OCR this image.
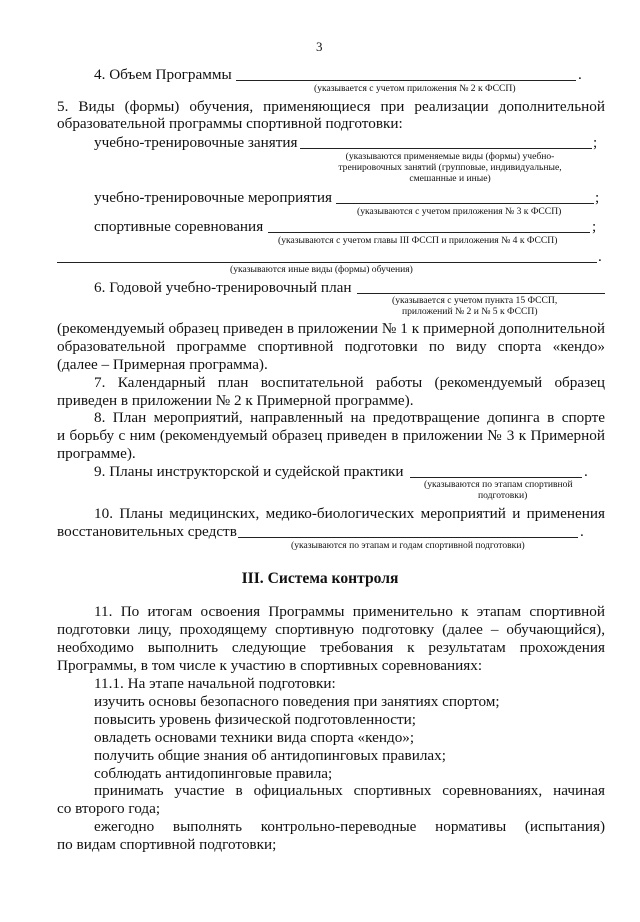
3
4. Объем Программы	.
(указывается с учетом приложения № 2 к ФССП)
5. Виды (формы) обучения, применяющиеся при реализации дополнительной
образовательной программы спортивной подготовки:
учебно-тренировочные занятия	;
(указываются применяемые виды (формы) учебно-
тренировочных занятий (групповые, индивидуальные,
смешанные и иные)
учебно-тренировочные мероприятия	;
(указываются с учетом приложения № 3 к ФССП)
спортивные соревнования	;
(указываются с учетом главы III ФССП и приложения № 4 к ФССП)
.
(указываются иные виды (формы) обучения)
6. Годовой учебно-тренировочный план
(указывается с учетом пункта 15 ФССП,
приложений № 2 и № 5 к ФССП)
(рекомендуемый образец приведен в приложении № 1 к примерной дополнительной
образовательной программе спортивной подготовки по виду спорта «кендо»
(далее – Примерная программа).
7. Календарный план воспитательной работы (рекомендуемый образец
приведен в приложении № 2 к Примерной программе).
8. План мероприятий, направленный на предотвращение допинга в спорте
и борьбу с ним (рекомендуемый образец приведен в приложении № 3 к Примерной
программе).
9. Планы инструкторской и судейской практики	.
(указываются по этапам спортивной
подготовки)
10. Планы медицинских, медико-биологических мероприятий и применения
восстановительных средств	.
(указываются по этапам и годам спортивной подготовки)
III. Система контроля
11. По итогам освоения Программы применительно к этапам спортивной
подготовки лицу, проходящему спортивную подготовку (далее – обучающийся),
необходимо выполнить следующие требования к результатам прохождения
Программы, в том числе к участию в спортивных соревнованиях:
11.1. На этапе начальной подготовки:
изучить основы безопасного поведения при занятиях спортом;
повысить уровень физической подготовленности;
овладеть основами техники вида спорта «кендо»;
получить общие знания об антидопинговых правилах;
соблюдать антидопинговые правила;
принимать участие в официальных спортивных соревнованиях, начиная
со второго года;
ежегодно выполнять контрольно-переводные нормативы (испытания)
по видам спортивной подготовки;
